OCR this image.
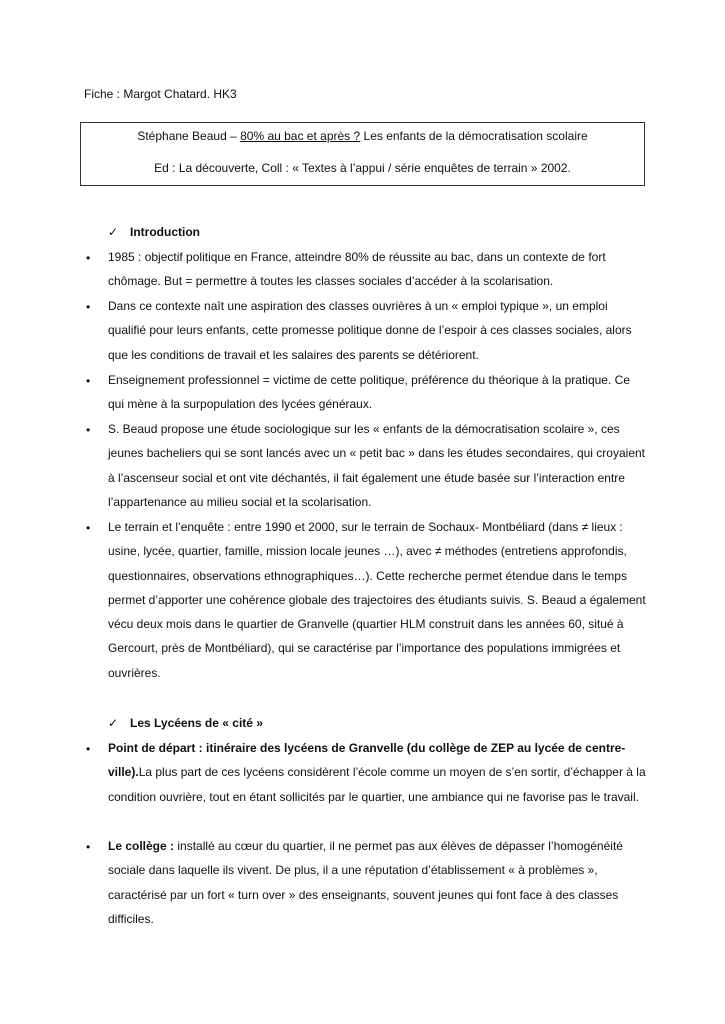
Fiche : Margot Chatard. HK3
Stéphane Beaud – 80% au bac et après ? Les enfants de la démocratisation scolaire
Ed : La découverte, Coll : « Textes à l’appui / série enquêtes de terrain » 2002.
✓ Introduction
• 1985 : objectif politique en France, atteindre 80% de réussite au bac, dans un contexte de fort chômage. But = permettre à toutes les classes sociales d’accéder à la scolarisation.
• Dans ce contexte naît une aspiration des classes ouvrières à un « emploi typique », un emploi qualifié pour leurs enfants, cette promesse politique donne de l’espoir à ces classes sociales, alors que les conditions de travail et les salaires des parents se détériorent.
• Enseignement professionnel = victime de cette politique, préférence du théorique à la pratique. Ce qui mène à la surpopulation des lycées généraux.
• S. Beaud propose une étude sociologique sur les « enfants de la démocratisation scolaire », ces jeunes bacheliers qui se sont lancés avec un « petit bac » dans les études secondaires, qui croyaient à l’ascenseur social et ont vite déchantés, il fait également une étude basée sur l’interaction entre l’appartenance au milieu social et la scolarisation.
• Le terrain et l’enquête : entre 1990 et 2000, sur le terrain de Sochaux- Montbéliard (dans ≠ lieux : usine, lycée, quartier, famille, mission locale jeunes …), avec ≠ méthodes (entretiens approfondis, questionnaires, observations ethnographiques…). Cette recherche permet étendue dans le temps permet d’apporter une cohérence globale des trajectoires des étudiants suivis. S. Beaud a également vécu deux mois dans le quartier de Granvelle (quartier HLM construit dans les années 60, situé à Gercourt, près de Montbéliard), qui se caractérise par l’importance des populations immigrées et ouvrières.
✓ Les Lycéens de « cité »
• Point de départ : itinéraire des lycéens de Granvelle (du collège de ZEP au lycée de centre-ville).La plus part de ces lycéens considèrent l’école comme un moyen de s’en sortir, d’échapper à la condition ouvrière, tout en étant sollicités par le quartier, une ambiance qui ne favorise pas le travail.
• Le collège : installé au cœur du quartier, il ne permet pas aux élèves de dépasser l’homogénéité sociale dans laquelle ils vivent. De plus, il a une réputation d’établissement « à problèmes », caractérisé par un fort « turn over » des enseignants, souvent jeunes qui font face à des classes difficiles.
